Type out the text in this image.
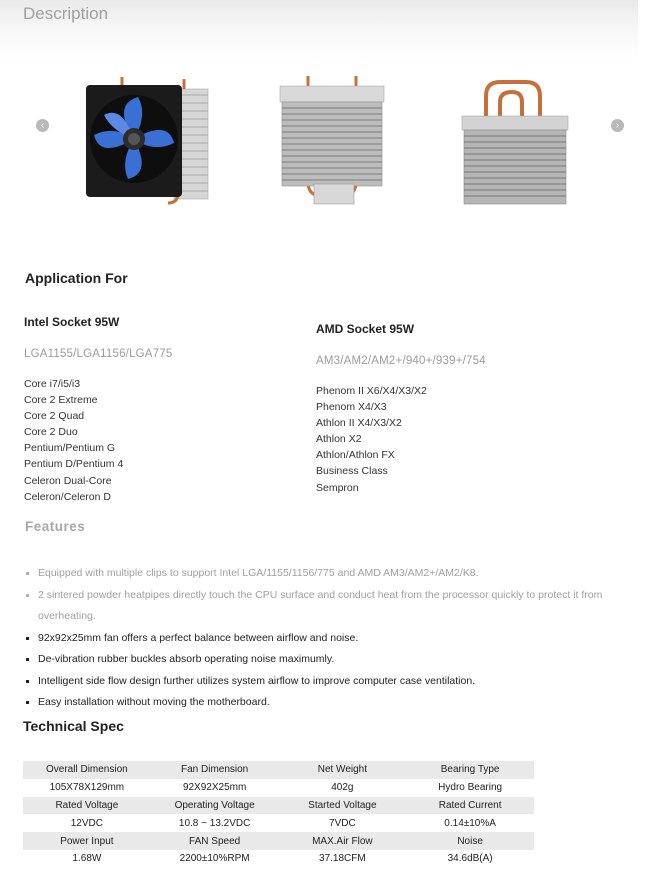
Description
‹	›
Application For
Intel Socket 95W
LGA1155/LGA1156/LGA775
Core i7/i5/i3
Core 2 Extreme
Core 2 Quad
Core 2 Duo
Pentium/Pentium G
Pentium D/Pentium 4
Celeron Dual-Core
Celeron/Celeron D
AMD Socket 95W
AM3/AM2/AM2+/940+/939+/754
Phenom II X6/X4/X3/X2
Phenom X4/X3
Athlon II X4/X3/X2
Athlon X2
Athlon/Athlon FX
Business Class
Sempron
Features
Equipped with multiple clips to support Intel LGA/1155/1156/775 and AMD AM3/AM2+/AM2/K8.
2 sintered powder heatpipes directly touch the CPU surface and conduct heat from the processor quickly to protect it from overheating.
92x92x25mm fan offers a perfect balance between airflow and noise.
De-vibration rubber buckles absorb operating noise maximumly.
Intelligent side flow design further utilizes system airflow to improve computer case ventilation.
Easy installation without moving the motherboard.
Technical Spec
Overall Dimension	Fan Dimension	Net Weight	Bearing Type
105X78X129mm	92X92X25mm	402g	Hydro Bearing
Rated Voltage	Operating Voltage	Started Voltage	Rated Current
12VDC	10.8 ~ 13.2VDC	7VDC	0.14±10%A
Power Input	FAN Speed	MAX.Air Flow	Noise
1.68W	2200±10%RPM	37.18CFM	34.6dB(A)
